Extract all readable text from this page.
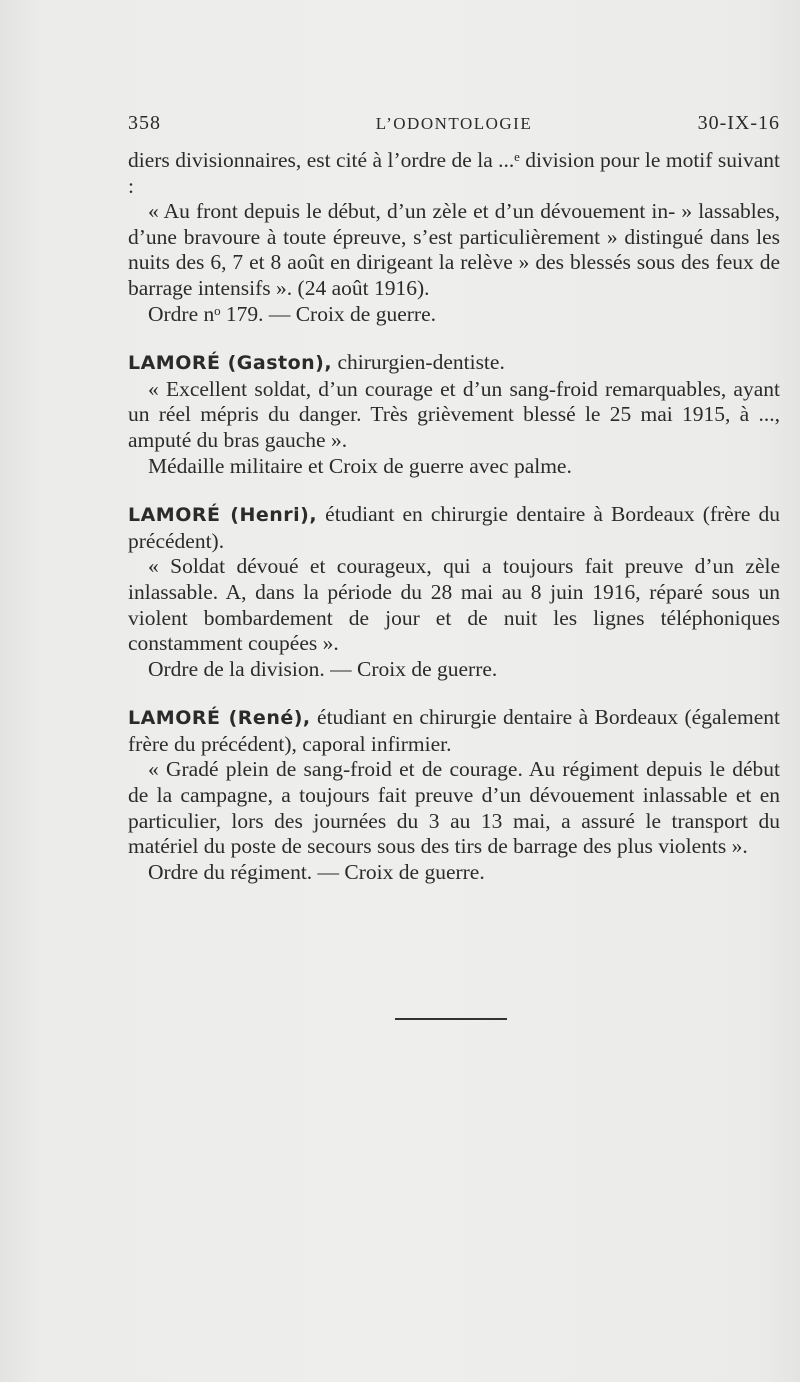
358	L’ODONTOLOGIE	30-IX-16

diers divisionnaires, est cité à l’ordre de la ...ᵉ division pour le motif suivant :

« Au front depuis le début, d’un zèle et d’un dévouement in- » lassables, d’une bravoure à toute épreuve, s’est particulièrement » distingué dans les nuits des 6, 7 et 8 août en dirigeant la relève » des blessés sous des feux de barrage intensifs ». (24 août 1916).

Ordre nᵒ 179. — Croix de guerre.

LAMORÉ (Gaston), chirurgien-dentiste.

« Excellent soldat, d’un courage et d’un sang-froid remarquables, ayant un réel mépris du danger. Très grièvement blessé le 25 mai 1915, à ..., amputé du bras gauche ».

Médaille militaire et Croix de guerre avec palme.

LAMORÉ (Henri), étudiant en chirurgie dentaire à Bordeaux (frère du précédent).

« Soldat dévoué et courageux, qui a toujours fait preuve d’un zèle inlassable. A, dans la période du 28 mai au 8 juin 1916, réparé sous un violent bombardement de jour et de nuit les lignes téléphoniques constamment coupées ».

Ordre de la division. — Croix de guerre.

LAMORÉ (René), étudiant en chirurgie dentaire à Bordeaux (également frère du précédent), caporal infirmier.

« Gradé plein de sang-froid et de courage. Au régiment depuis le début de la campagne, a toujours fait preuve d’un dévouement inlassable et en particulier, lors des journées du 3 au 13 mai, a assuré le transport du matériel du poste de secours sous des tirs de barrage des plus violents ».

Ordre du régiment. — Croix de guerre.
